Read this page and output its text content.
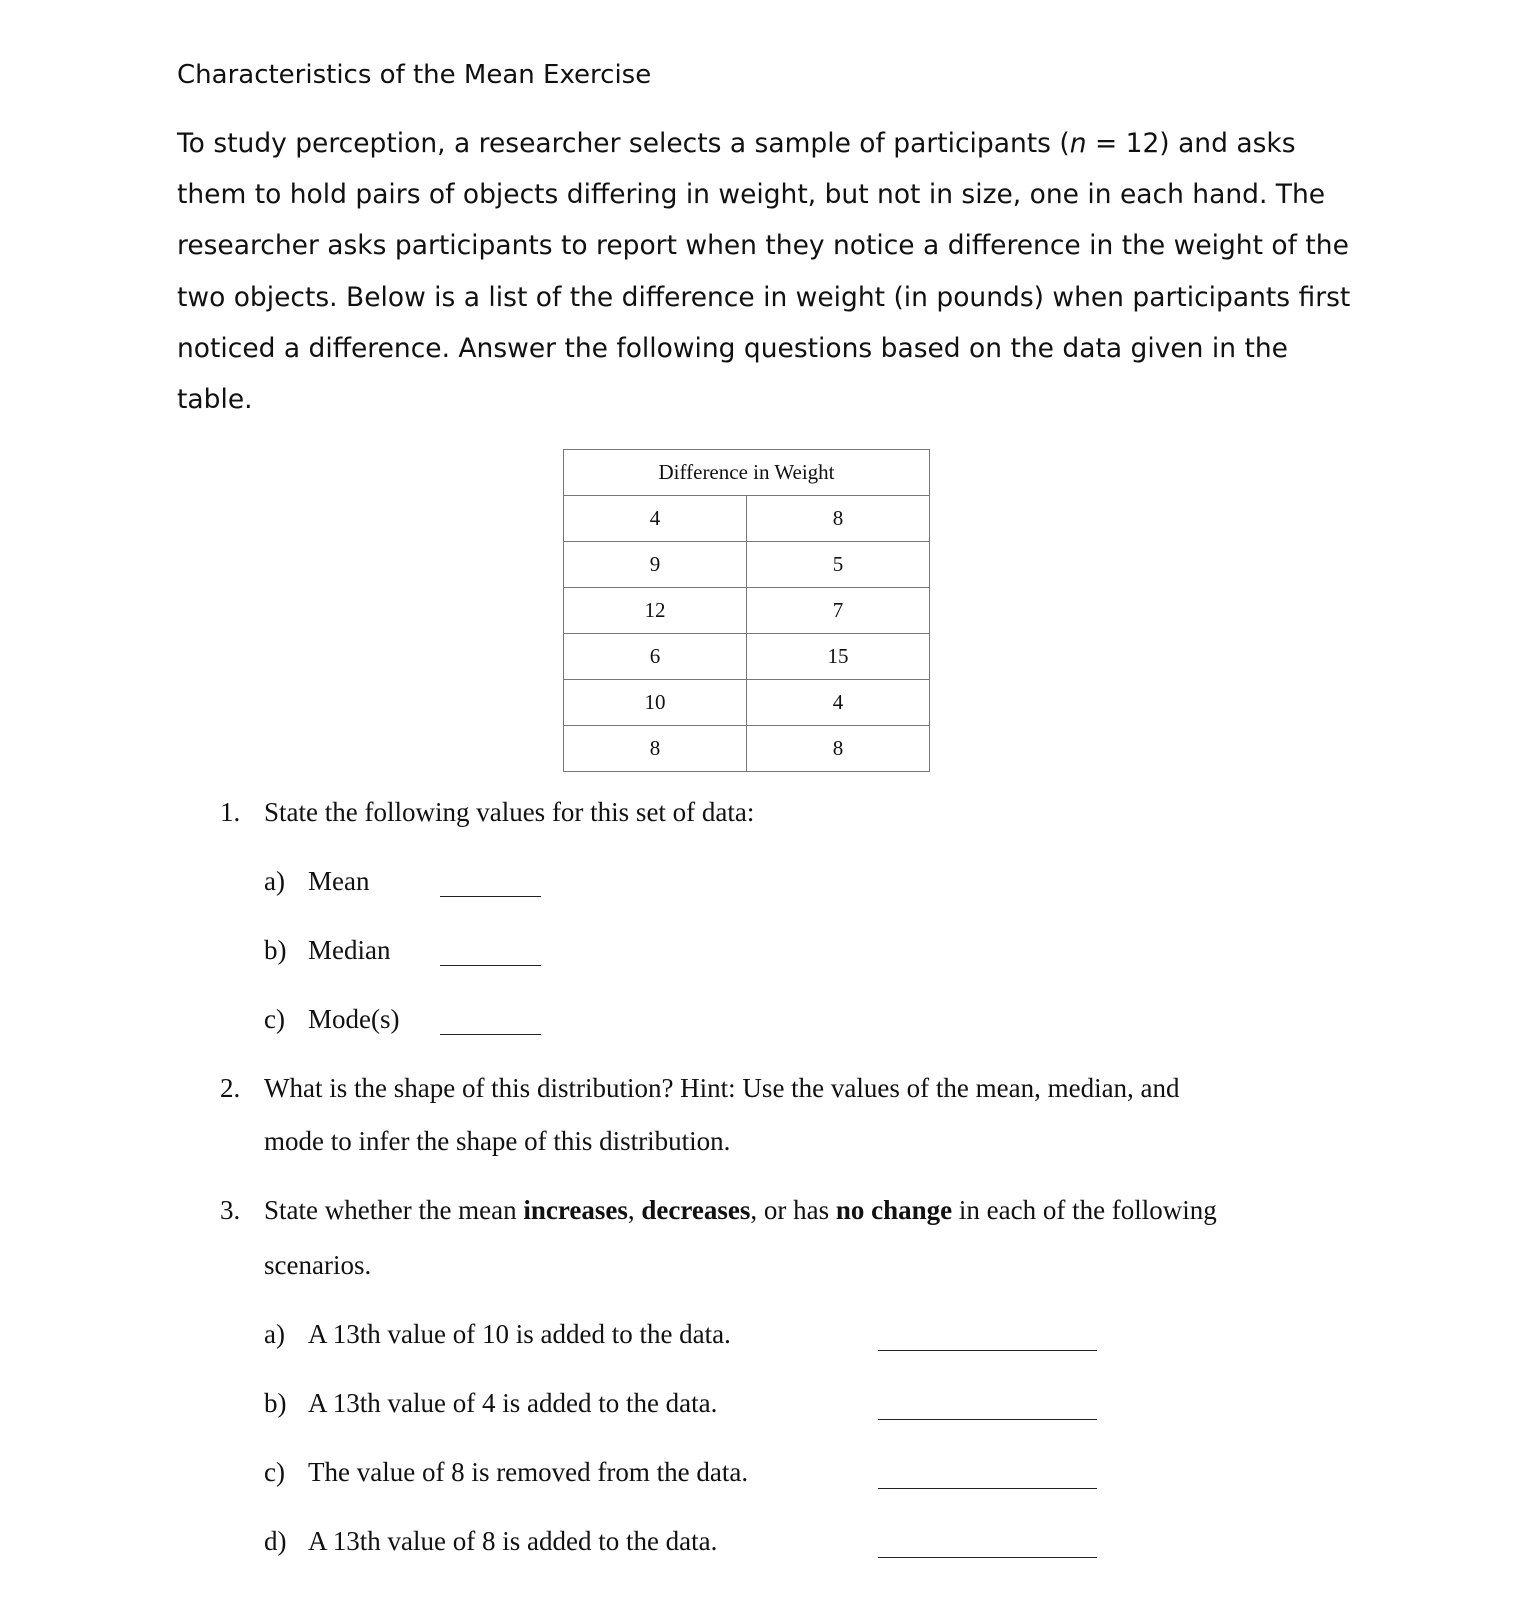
Characteristics of the Mean Exercise
To study perception, a researcher selects a sample of participants (n = 12) and asks them to hold pairs of objects differing in weight, but not in size, one in each hand. The researcher asks participants to report when they notice a difference in the weight of the two objects. Below is a list of the difference in weight (in pounds) when participants first noticed a difference. Answer the following questions based on the data given in the table.
Difference in Weight	
4	8
9	5
12	7
6	15
10	4
8	8
1. State the following values for this set of data:
a) Mean
b) Median
c) Mode(s)
2. What is the shape of this distribution? Hint: Use the values of the mean, median, and
mode to infer the shape of this distribution.
3. State whether the mean increases, decreases, or has no change in each of the following
scenarios.
a) A 13th value of 10 is added to the data.
b) A 13th value of 4 is added to the data.
c) The value of 8 is removed from the data.
d) A 13th value of 8 is added to the data.
